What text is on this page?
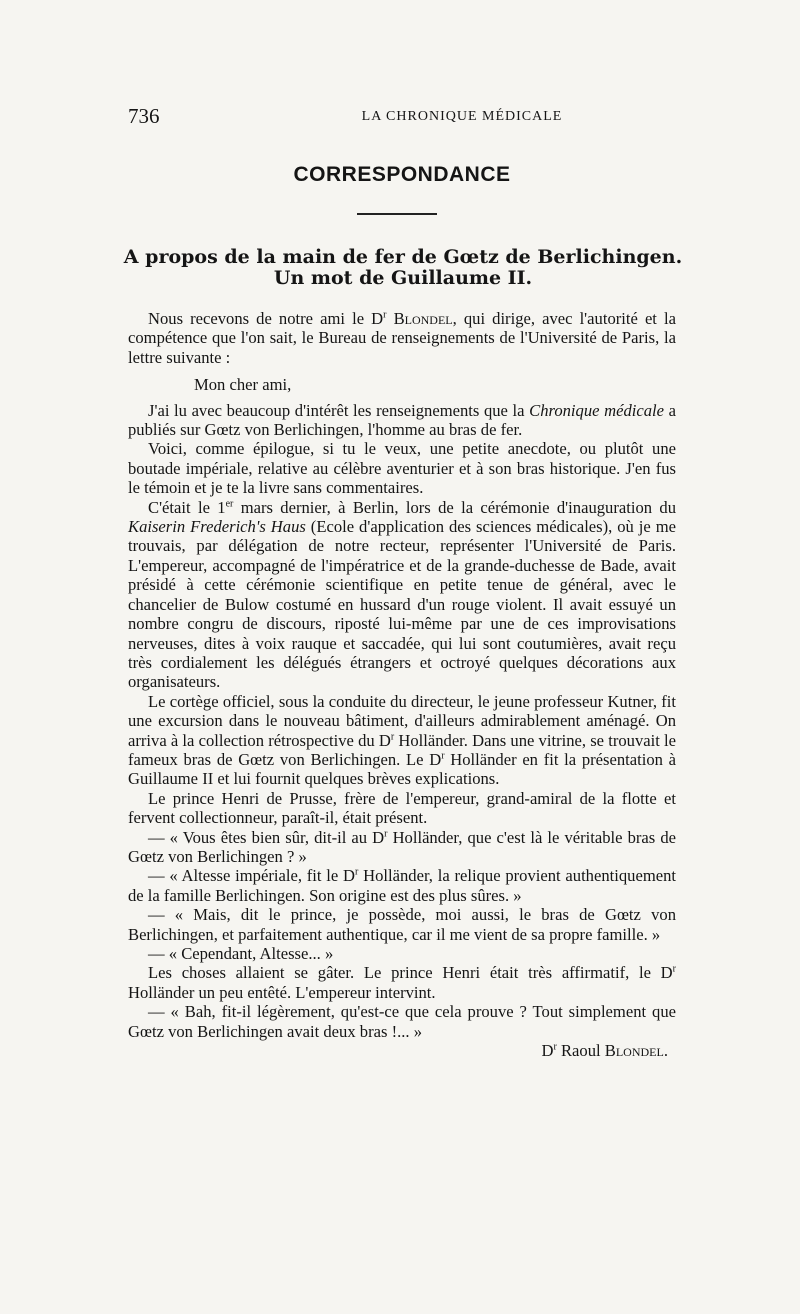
736	LA CHRONIQUE MÉDICALE
CORRESPONDANCE
A propos de la main de fer de Gœtz de Berlichingen.
Un mot de Guillaume II.

Nous recevons de notre ami le $D^r$ Blondel, qui dirige, avec l'autorité et la compétence que l'on sait, le Bureau de renseignements de l'Université de Paris, la lettre suivante :

Mon cher ami,

J'ai lu avec beaucoup d'intérêt les renseignements que la Chronique médicale a publiés sur Gœtz von Berlichingen, l'homme au bras de fer.

Voici, comme épilogue, si tu le veux, une petite anecdote, ou plutôt une boutade impériale, relative au célèbre aventurier et à son bras historique. J'en fus le témoin et je te la livre sans commentaires.

C'était le 1er mars dernier, à Berlin, lors de la cérémonie d'inauguration du Kaiserin Frederich's Haus (Ecole d'application des sciences médicales), où je me trouvais, par délégation de notre recteur, représenter l'Université de Paris. L'empereur, accompagné de l'impératrice et de la grande-duchesse de Bade, avait présidé à cette cérémonie scientifique en petite tenue de général, avec le chancelier de Bulow costumé en hussard d'un rouge violent. Il avait essuyé un nombre congru de discours, riposté lui-même par une de ces improvisations nerveuses, dites à voix rauque et saccadée, qui lui sont coutumières, avait reçu très cordialement les délégués étrangers et octroyé quelques décorations aux organisateurs.

Le cortège officiel, sous la conduite du directeur, le jeune professeur Kutner, fit une excursion dans le nouveau bâtiment, d'ailleurs admirablement aménagé. On arriva à la collection rétrospective du $D^r$ Holländer. Dans une vitrine, se trouvait le fameux bras de Gœtz von Berlichingen. Le $D^r$ Holländer en fit la présentation à Guillaume II et lui fournit quelques brèves explications.

Le prince Henri de Prusse, frère de l'empereur, grand-amiral de la flotte et fervent collectionneur, paraît-il, était présent.

— « Vous êtes bien sûr, dit-il au $D^r$ Holländer, que c'est là le véritable bras de Gœtz von Berlichingen ? »

— « Altesse impériale, fit le $D^r$ Holländer, la relique provient authentiquement de la famille Berlichingen. Son origine est des plus sûres. »

— « Mais, dit le prince, je possède, moi aussi, le bras de Gœtz von Berlichingen, et parfaitement authentique, car il me vient de sa propre famille. »

— « Cependant, Altesse... »

Les choses allaient se gâter. Le prince Henri était très affirmatif, le $D^r$ Holländer un peu entêté. L'empereur intervint.

— « Bah, fit-il légèrement, qu'est-ce que cela prouve ? Tout simplement que Gœtz von Berlichingen avait deux bras !... »

$D^r$ Raoul Blondel.
